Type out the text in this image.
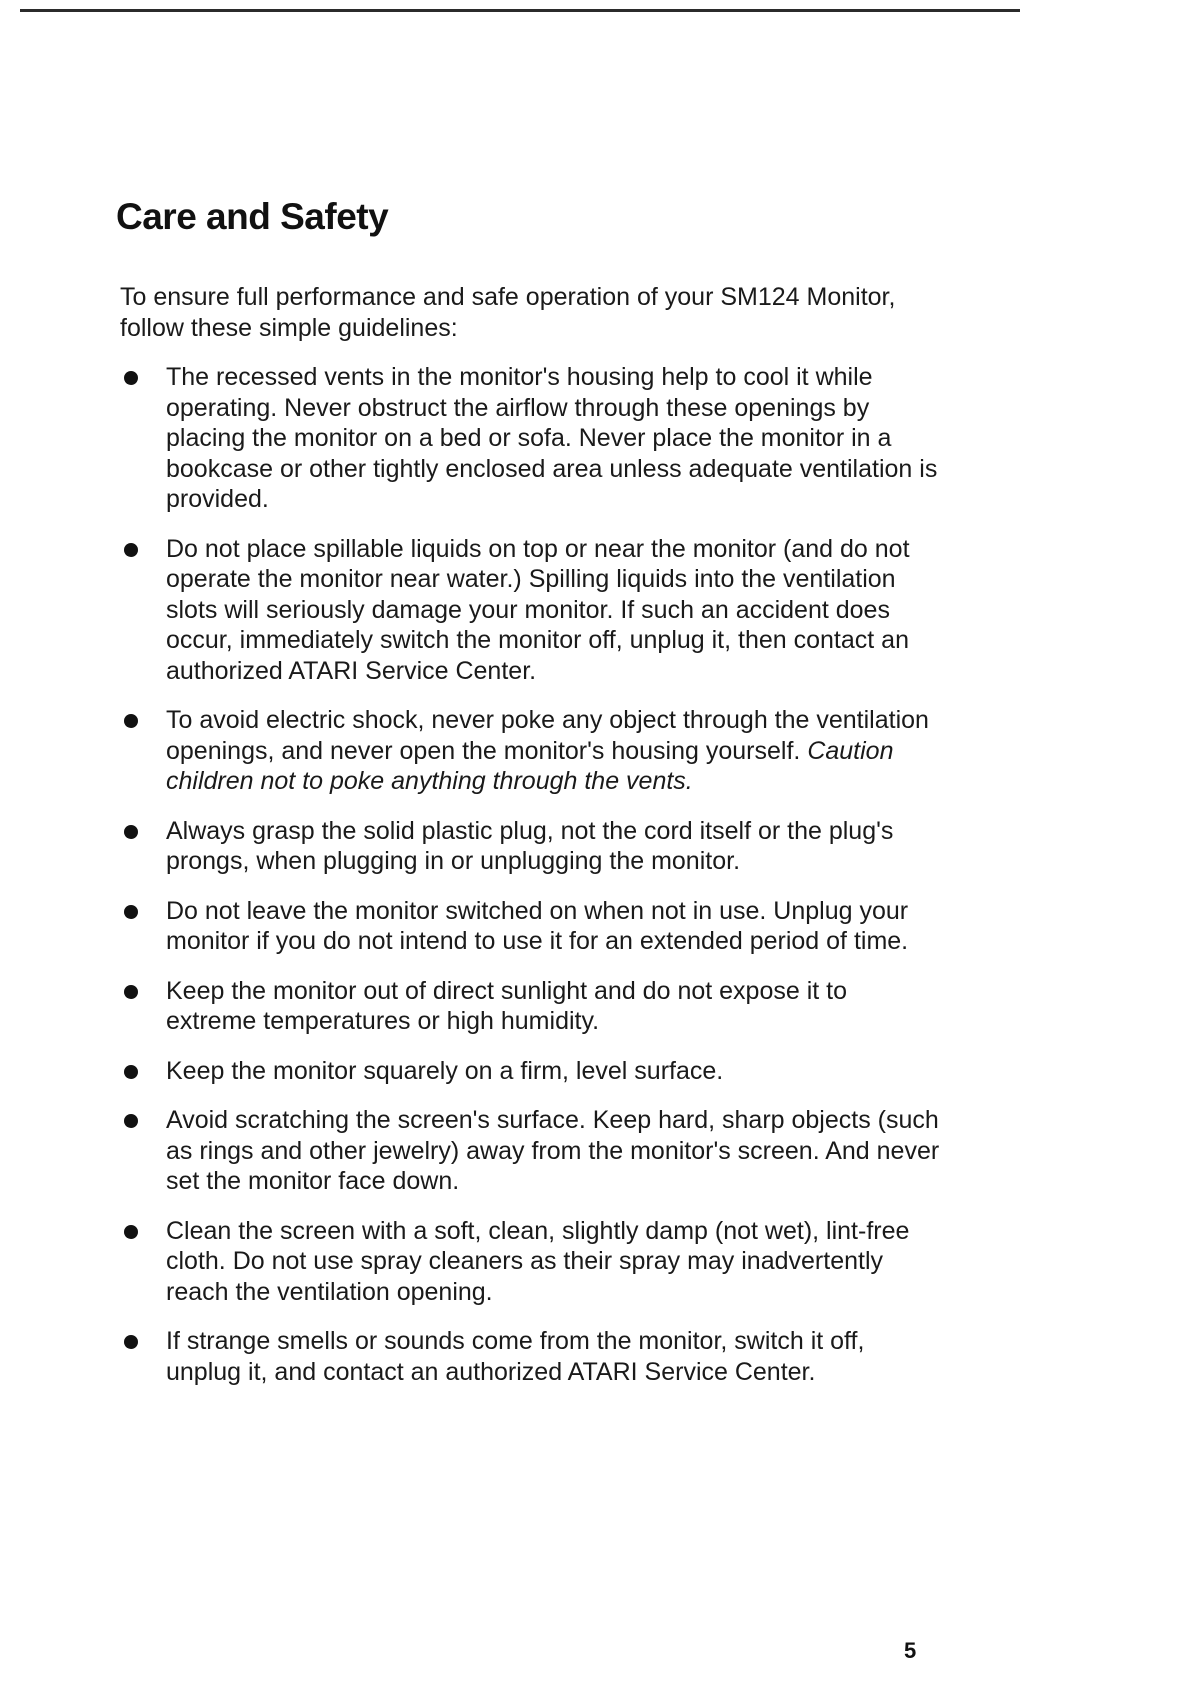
Care and Safety

To ensure full performance and safe operation of your SM124 Monitor, follow these simple guidelines:

The recessed vents in the monitor's housing help to cool it while operating. Never obstruct the airflow through these openings by placing the monitor on a bed or sofa. Never place the monitor in a bookcase or other tightly enclosed area unless adequate ventilation is provided.
Do not place spillable liquids on top or near the monitor (and do not operate the monitor near water.) Spilling liquids into the ventilation slots will seriously damage your monitor. If such an accident does occur, immediately switch the monitor off, unplug it, then contact an authorized ATARI Service Center.
To avoid electric shock, never poke any object through the ventilation openings, and never open the monitor's housing yourself. Caution children not to poke anything through the vents.
Always grasp the solid plastic plug, not the cord itself or the plug's prongs, when plugging in or unplugging the monitor.
Do not leave the monitor switched on when not in use. Unplug your monitor if you do not intend to use it for an extended period of time.
Keep the monitor out of direct sunlight and do not expose it to extreme temperatures or high humidity.
Keep the monitor squarely on a firm, level surface.
Avoid scratching the screen's surface. Keep hard, sharp objects (such as rings and other jewelry) away from the monitor's screen. And never set the monitor face down.
Clean the screen with a soft, clean, slightly damp (not wet), lint-free cloth. Do not use spray cleaners as their spray may inadvertently reach the ventilation opening.
If strange smells or sounds come from the monitor, switch it off, unplug it, and contact an authorized ATARI Service Center.
5
